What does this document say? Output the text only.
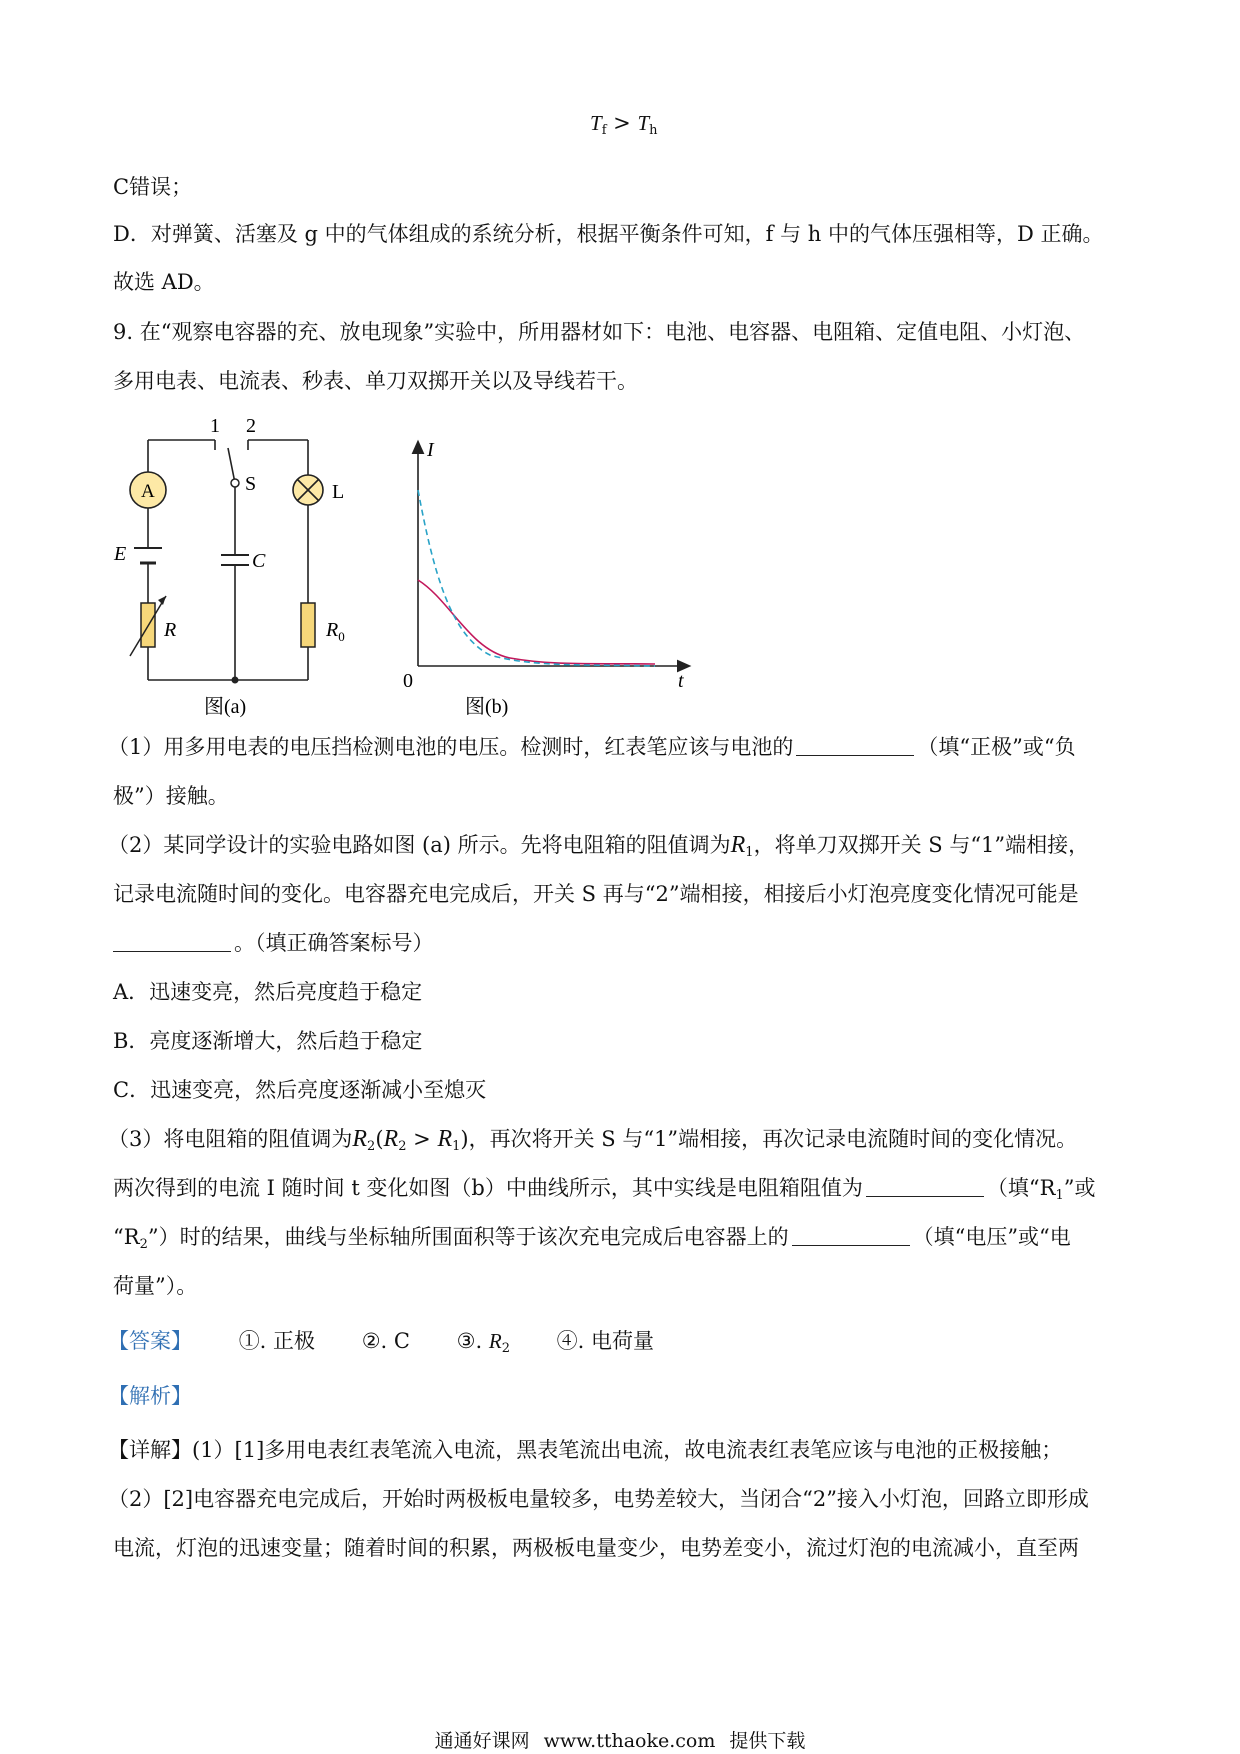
$T_f > T_h$
C错误；
D．对弹簧、活塞及 g 中的气体组成的系统分析，根据平衡条件可知，f 与 h 中的气体压强相等，D 正确。
故选 AD。
9. 在“观察电容器的充、放电现象”实验中，所用器材如下：电池、电容器、电阻箱、定值电阻、小灯泡、
多用电表、电流表、秒表、单刀双掷开关以及导线若干。
1 2
A	S	L
E	C
R	$R_0$
图(a)
I
0	t
图(b)
（1）用多用电表的电压挡检测电池的电压。检测时，红表笔应该与电池的	（填“正极”或“负
极”）接触。
（2）某同学设计的实验电路如图 (a) 所示。先将电阻箱的阻值调为$R_1$，将单刀双掷开关 S 与“1”端相接，
记录电流随时间的变化。电容器充电完成后，开关 S 再与“2”端相接，相接后小灯泡亮度变化情况可能是
。（填正确答案标号）
A．迅速变亮，然后亮度趋于稳定
B．亮度逐渐增大，然后趋于稳定
C．迅速变亮，然后亮度逐渐减小至熄灭
（3）将电阻箱的阻值调为$R_2(R_2 > R_1)$，再次将开关 S 与“1”端相接，再次记录电流随时间的变化情况。
两次得到的电流 I 随时间 t 变化如图（b）中曲线所示，其中实线是电阻箱阻值为	（填“$R_1$”或
“$R_2$”）时的结果，曲线与坐标轴所围面积等于该次充电完成后电容器上的	（填“电压”或“电
荷量”）。
【答案】 ①. 正极 ②. C ③. $R_2$ ④. 电荷量
【解析】
【详解】(1）[1]多用电表红表笔流入电流，黑表笔流出电流，故电流表红表笔应该与电池的正极接触；
（2）[2]电容器充电完成后，开始时两极板电量较多，电势差较大，当闭合“2”接入小灯泡，回路立即形成
电流，灯泡的迅速变量；随着时间的积累，两极板电量变少，电势差变小，流过灯泡的电流减小，直至两
通通好课网 www.tthaoke.com 提供下载
